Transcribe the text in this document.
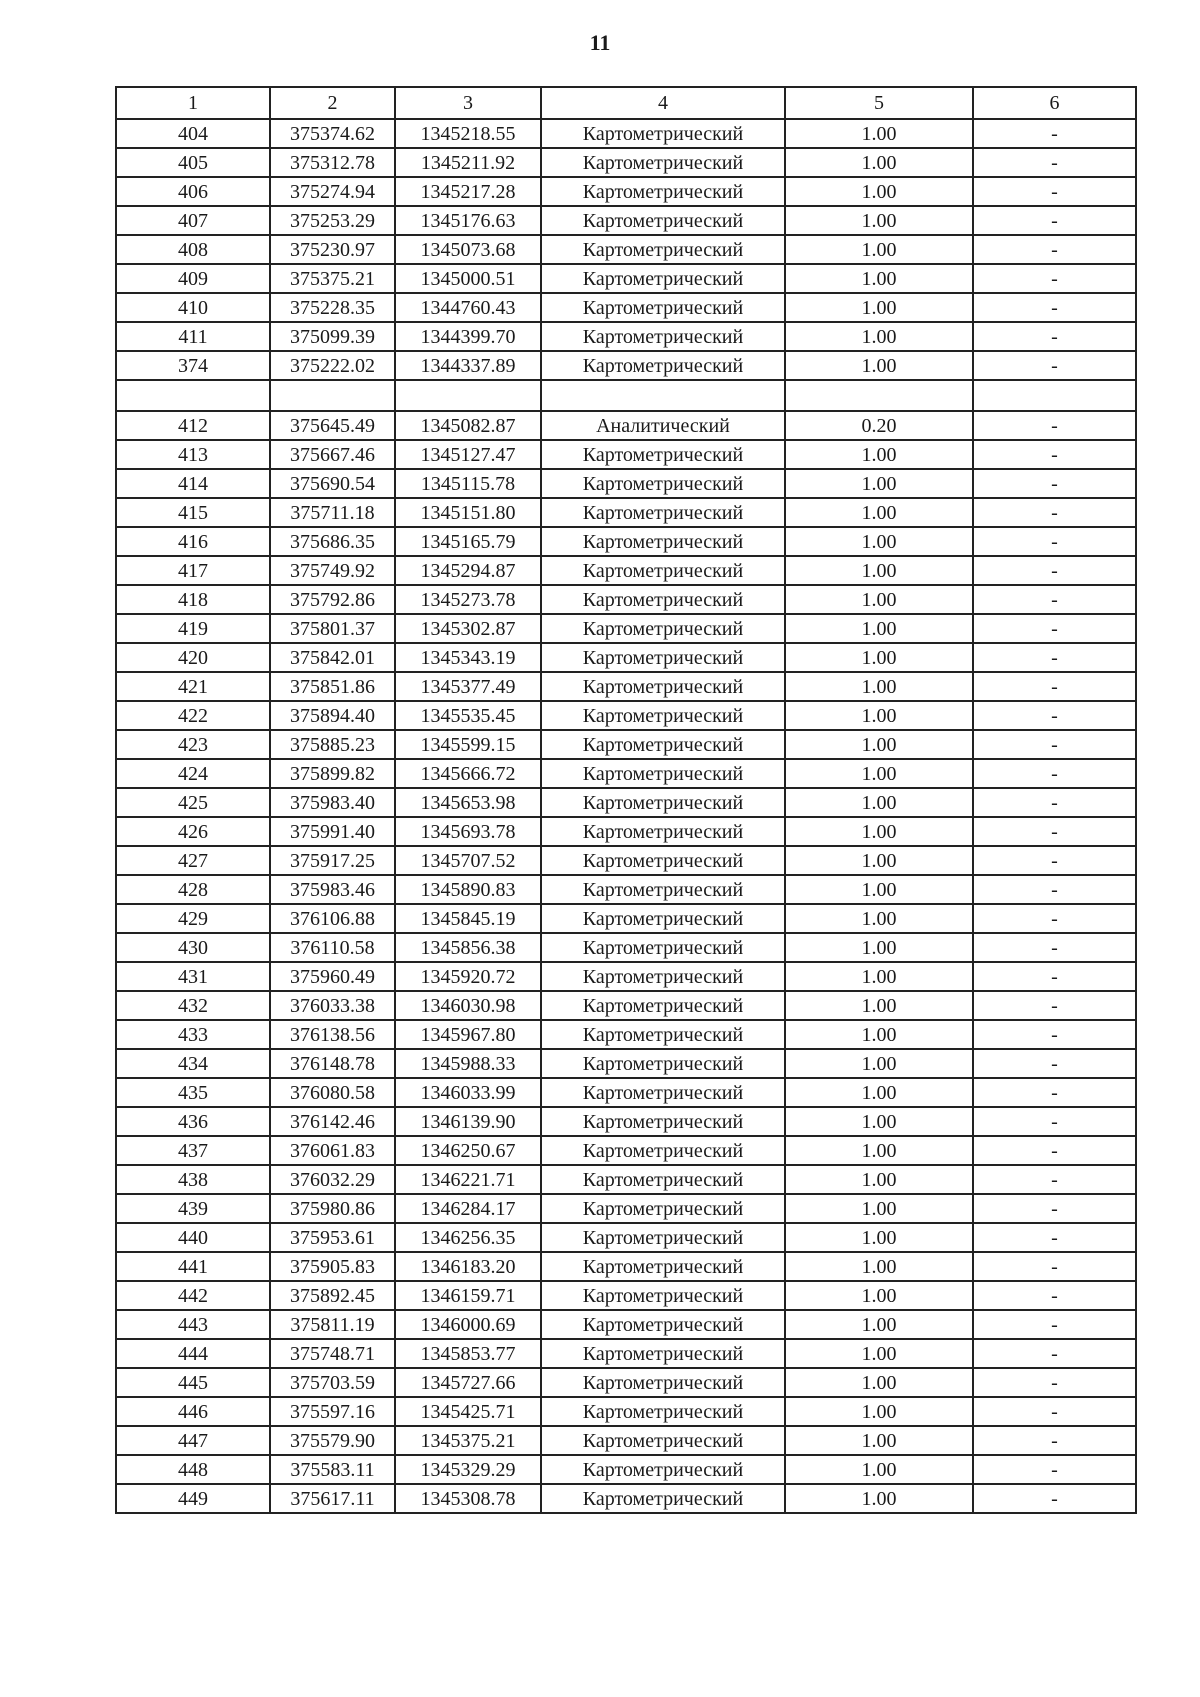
11
1	2	3	4	5	6
404	375374.62	1345218.55	Картометрический	1.00	-
405	375312.78	1345211.92	Картометрический	1.00	-
406	375274.94	1345217.28	Картометрический	1.00	-
407	375253.29	1345176.63	Картометрический	1.00	-
408	375230.97	1345073.68	Картометрический	1.00	-
409	375375.21	1345000.51	Картометрический	1.00	-
410	375228.35	1344760.43	Картометрический	1.00	-
411	375099.39	1344399.70	Картометрический	1.00	-
374	375222.02	1344337.89	Картометрический	1.00	-

412	375645.49	1345082.87	Аналитический	0.20	-
413	375667.46	1345127.47	Картометрический	1.00	-
414	375690.54	1345115.78	Картометрический	1.00	-
415	375711.18	1345151.80	Картометрический	1.00	-
416	375686.35	1345165.79	Картометрический	1.00	-
417	375749.92	1345294.87	Картометрический	1.00	-
418	375792.86	1345273.78	Картометрический	1.00	-
419	375801.37	1345302.87	Картометрический	1.00	-
420	375842.01	1345343.19	Картометрический	1.00	-
421	375851.86	1345377.49	Картометрический	1.00	-
422	375894.40	1345535.45	Картометрический	1.00	-
423	375885.23	1345599.15	Картометрический	1.00	-
424	375899.82	1345666.72	Картометрический	1.00	-
425	375983.40	1345653.98	Картометрический	1.00	-
426	375991.40	1345693.78	Картометрический	1.00	-
427	375917.25	1345707.52	Картометрический	1.00	-
428	375983.46	1345890.83	Картометрический	1.00	-
429	376106.88	1345845.19	Картометрический	1.00	-
430	376110.58	1345856.38	Картометрический	1.00	-
431	375960.49	1345920.72	Картометрический	1.00	-
432	376033.38	1346030.98	Картометрический	1.00	-
433	376138.56	1345967.80	Картометрический	1.00	-
434	376148.78	1345988.33	Картометрический	1.00	-
435	376080.58	1346033.99	Картометрический	1.00	-
436	376142.46	1346139.90	Картометрический	1.00	-
437	376061.83	1346250.67	Картометрический	1.00	-
438	376032.29	1346221.71	Картометрический	1.00	-
439	375980.86	1346284.17	Картометрический	1.00	-
440	375953.61	1346256.35	Картометрический	1.00	-
441	375905.83	1346183.20	Картометрический	1.00	-
442	375892.45	1346159.71	Картометрический	1.00	-
443	375811.19	1346000.69	Картометрический	1.00	-
444	375748.71	1345853.77	Картометрический	1.00	-
445	375703.59	1345727.66	Картометрический	1.00	-
446	375597.16	1345425.71	Картометрический	1.00	-
447	375579.90	1345375.21	Картометрический	1.00	-
448	375583.11	1345329.29	Картометрический	1.00	-
449	375617.11	1345308.78	Картометрический	1.00	-
